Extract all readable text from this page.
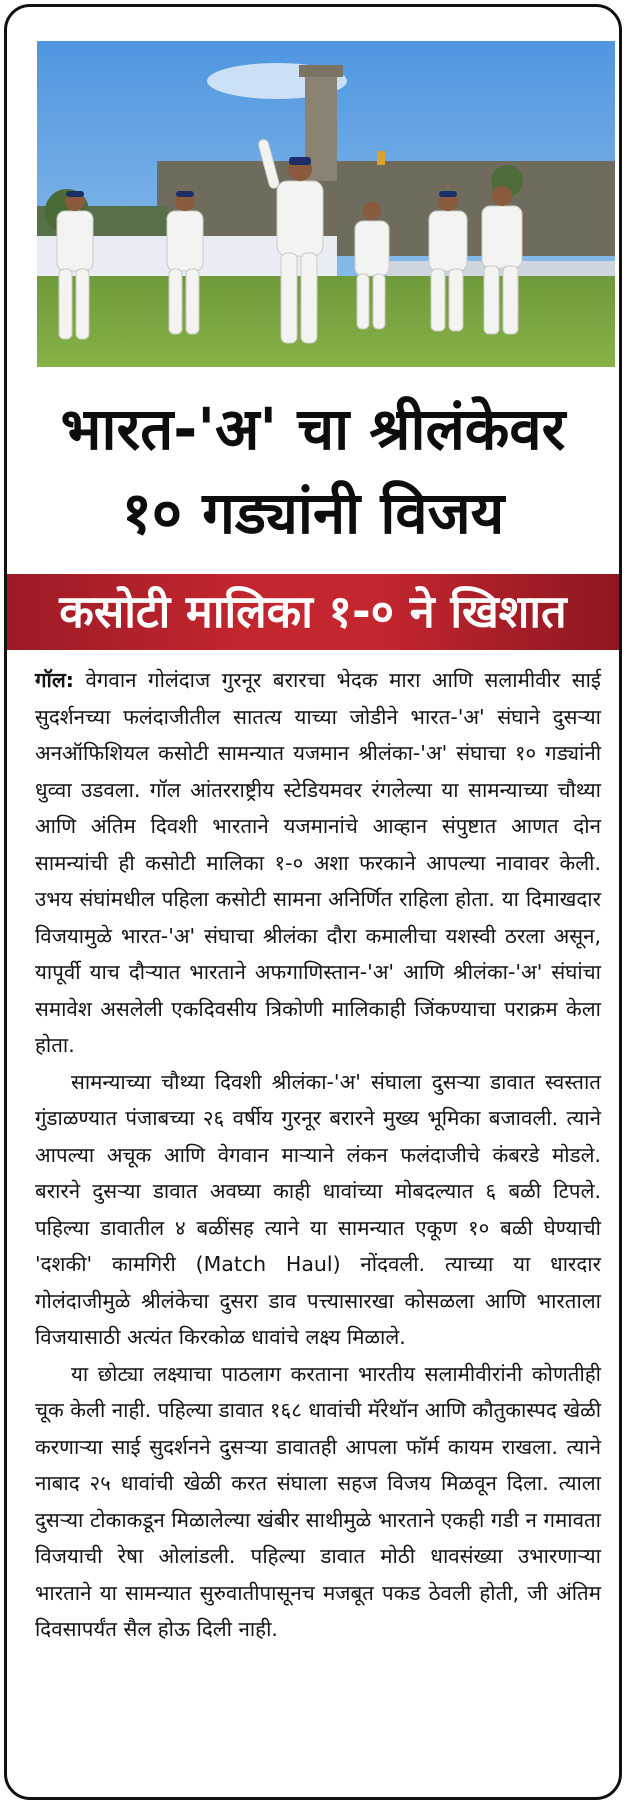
भारत-'अ' चा श्रीलंकेवर
१० गड्यांनी विजय
कसोटी मालिका १-० ने खिशात

गॉल: वेगवान गोलंदाज गुरनूर बरारचा भेदक मारा आणि सलामीवीर साई सुदर्शनच्या फलंदाजीतील सातत्य याच्या जोडीने भारत-'अ' संघाने दुसऱ्या अनऑफिशियल कसोटी सामन्यात यजमान श्रीलंका-'अ' संघाचा १० गड्यांनी धुव्वा उडवला. गॉल आंतरराष्ट्रीय स्टेडियमवर रंगलेल्या या सामन्याच्या चौथ्या आणि अंतिम दिवशी भारताने यजमानांचे आव्हान संपुष्टात आणत दोन सामन्यांची ही कसोटी मालिका १-० अशा फरकाने आपल्या नावावर केली. उभय संघांमधील पहिला कसोटी सामना अनिर्णित राहिला होता. या दिमाखदार विजयामुळे भारत-'अ' संघाचा श्रीलंका दौरा कमालीचा यशस्वी ठरला असून, यापूर्वी याच दौऱ्यात भारताने अफगाणिस्तान-'अ' आणि श्रीलंका-'अ' संघांचा समावेश असलेली एकदिवसीय त्रिकोणी मालिकाही जिंकण्याचा पराक्रम केला होता.

सामन्याच्या चौथ्या दिवशी श्रीलंका-'अ' संघाला दुसऱ्या डावात स्वस्तात गुंडाळण्यात पंजाबच्या २६ वर्षीय गुरनूर बरारने मुख्य भूमिका बजावली. त्याने आपल्या अचूक आणि वेगवान माऱ्याने लंकन फलंदाजीचे कंबरडे मोडले. बरारने दुसऱ्या डावात अवघ्या काही धावांच्या मोबदल्यात ६ बळी टिपले. पहिल्या डावातील ४ बळींसह त्याने या सामन्यात एकूण १० बळी घेण्याची 'दशकी' कामगिरी (Match Haul) नोंदवली. त्याच्या या धारदार गोलंदाजीमुळे श्रीलंकेचा दुसरा डाव पत्त्यासारखा कोसळला आणि भारताला विजयासाठी अत्यंत किरकोळ धावांचे लक्ष्य मिळाले.

या छोट्या लक्ष्याचा पाठलाग करताना भारतीय सलामीवीरांनी कोणतीही चूक केली नाही. पहिल्या डावात १६८ धावांची मॅरेथॉन आणि कौतुकास्पद खेळी करणाऱ्या साई सुदर्शनने दुसऱ्या डावातही आपला फॉर्म कायम राखला. त्याने नाबाद २५ धावांची खेळी करत संघाला सहज विजय मिळवून दिला. त्याला दुसऱ्या टोकाकडून मिळालेल्या खंबीर साथीमुळे भारताने एकही गडी न गमावता विजयाची रेषा ओलांडली. पहिल्या डावात मोठी धावसंख्या उभारणाऱ्या भारताने या सामन्यात सुरुवातीपासूनच मजबूत पकड ठेवली होती, जी अंतिम दिवसापर्यंत सैल होऊ दिली नाही.
